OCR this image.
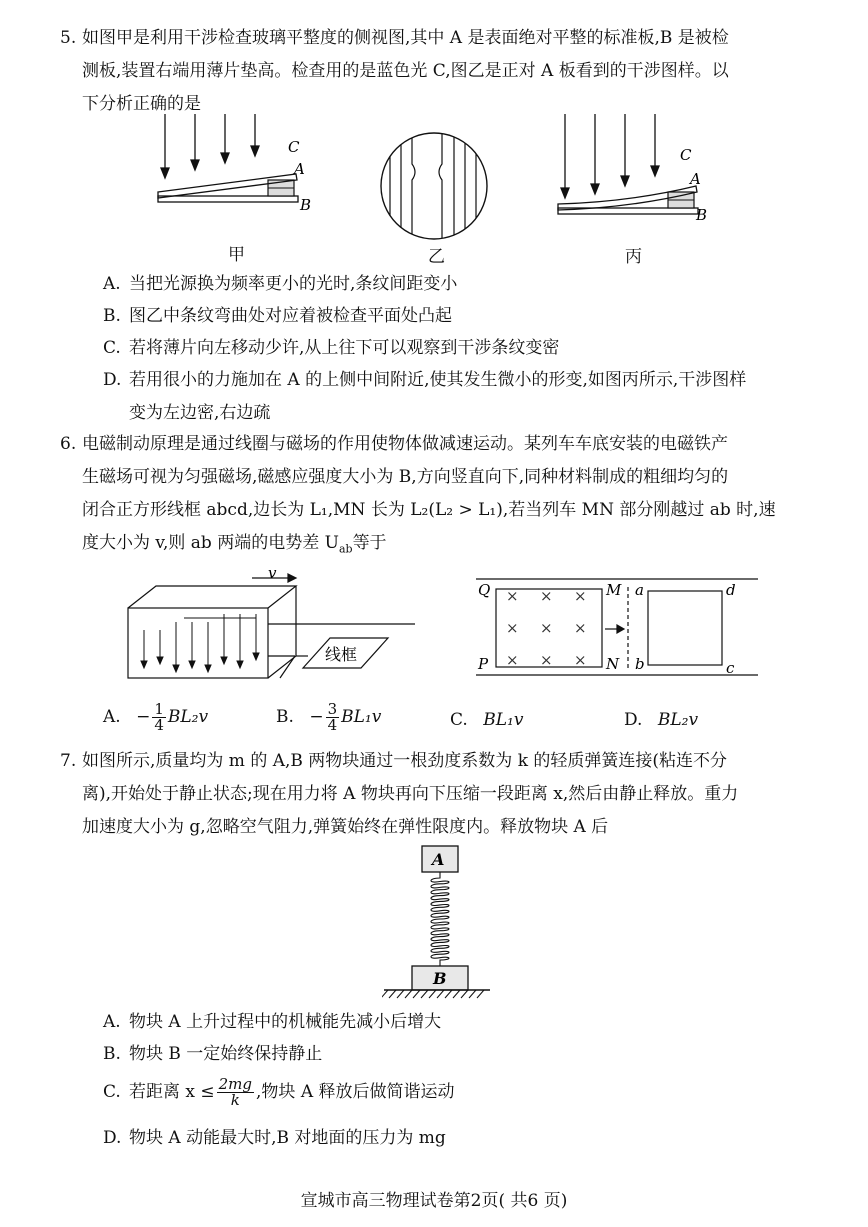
5. 如图甲是利用干涉检查玻璃平整度的侧视图,其中 A 是表面绝对平整的标准板,B 是被检
测板,装置右端用薄片垫高。检查用的是蓝色光 C,图乙是正对 A 板看到的干涉图样。以
下分析正确的是
C
A
B
C
A
B
甲	乙	丙
A. 当把光源换为频率更小的光时,条纹间距变小
B. 图乙中条纹弯曲处对应着被检查平面处凸起
C. 若将薄片向左移动少许,从上往下可以观察到干涉条纹变密
D. 若用很小的力施加在 A 的上侧中间附近,使其发生微小的形变,如图丙所示,干涉图样
变为左边密,右边疏
6. 电磁制动原理是通过线圈与磁场的作用使物体做减速运动。某列车车底安装的电磁铁产
生磁场可视为匀强磁场,磁感应强度大小为 B,方向竖直向下,同种材料制成的粗细均匀的
闭合正方形线框 abcd,边长为 L₁,MN 长为 L₂(L₂ > L₁),若当列车 MN 部分刚越过 ab 时,速
度大小为 v,则 ab 两端的电势差 $U_{ab}$等于
v
线框
× × ×
× × ×
× × ×
Q
P
M
N
a
b
d
c
A. − $\frac{1}{4} BL_2v$	B. − $\frac{3}{4} BL_1v$	C. BL₁v	D. BL₂v
7. 如图所示,质量均为 m 的 A,B 两物块通过一根劲度系数为 k 的轻质弹簧连接(粘连不分
离),开始处于静止状态;现在用力将 A 物块再向下压缩一段距离 x,然后由静止释放。重力
加速度大小为 g,忽略空气阻力,弹簧始终在弹性限度内。释放物块 A 后
A
B
A. 物块 A 上升过程中的机械能先减小后增大
B. 物块 B 一定始终保持静止
C. 若距离 $x \le \frac{2mg}{k}$ ,物块 A 释放后做简谐运动
D. 物块 A 动能最大时,B 对地面的压力为 mg
宣城市高三物理试卷第2页( 共6 页)
